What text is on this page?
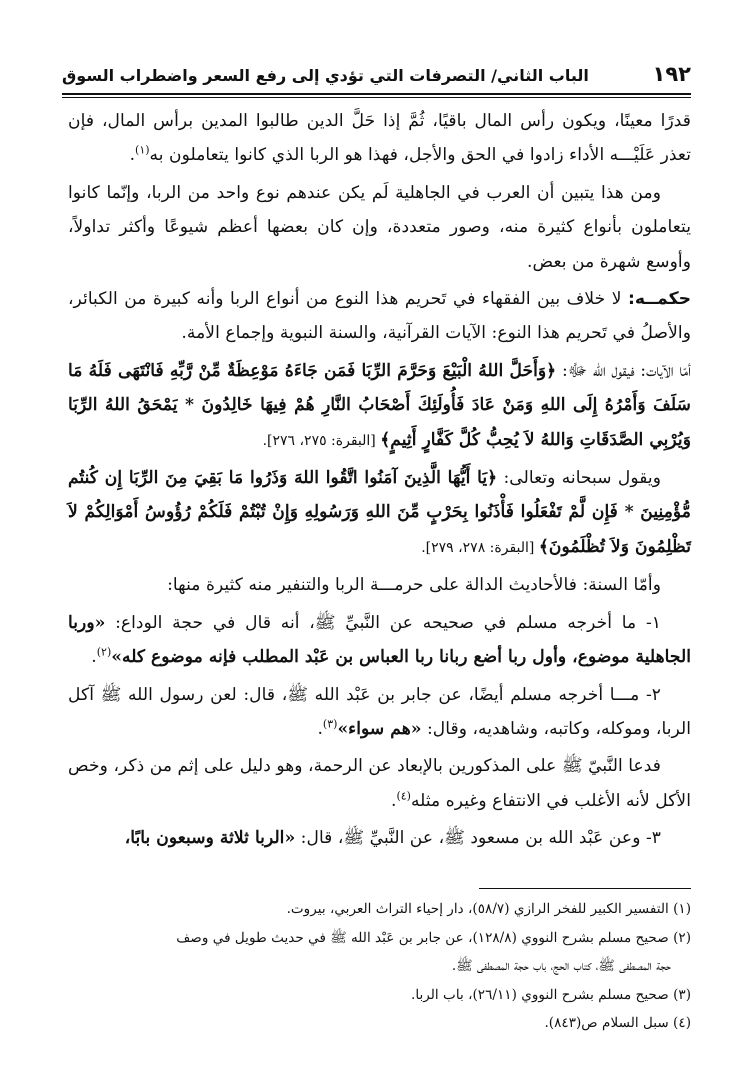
١٩٢
الباب الثاني/ التصرفات التي تؤدي إلى رفع السعر واضطراب السوق

قدرًا معينًا، ويكون رأس المال باقيًا، ثُمَّ إذا حَلَّ الدين طالبوا المدين برأس المال، فإن تعذر عَلَيْـــه الأداء زادوا في الحق والأجل، فهذا هو الربا الذي كانوا يتعاملون به$^{(١)}$.

ومن هذا يتبين أن العرب في الجاهلية لَم يكن عندهم نوع واحد من الربا، وإنّما كانوا يتعاملون بأنواع كثيرة منه، وصور متعددة، وإن كان بعضها أعظم شيوعًا وأكثر تداولاً، وأوسع شهرة من بعض.

حكمــه: لا خلاف بين الفقهاء في تَحريم هذا النوع من أنواع الربا وأنه كبيرة من الكبائر، والأصلُ في تَحريم هذا النوع: الآيات القرآنية، والسنة النبوية وإجماع الأمة.

أمّا الآيات: فيقول الله ﷻ: ﴿وَأَحَلَّ اللهُ الْبَيْعَ وَحَرَّمَ الرِّبَا فَمَن جَاءَهُ مَوْعِظَةٌ مِّنْ رَّبِّهِ فَانْتَهَى فَلَهُ مَا سَلَفَ وَأَمْرُهُ إِلَى اللهِ وَمَنْ عَادَ فَأُولَئِكَ أَصْحَابُ النَّارِ هُمْ فِيهَا خَالِدُونَ * يَمْحَقُ اللهُ الرِّبَا وَيُرْبِي الصَّدَقَاتِ وَاللهُ لاَ يُحِبُّ كُلَّ كَفَّارٍ أَثِيمٍ﴾ [البقرة: ٢٧٥، ٢٧٦].

ويقول سبحانه وتعالى: ﴿يَا أَيُّهَا الَّذِينَ آمَنُوا اتَّقُوا اللهَ وَذَرُوا مَا بَقِيَ مِنَ الرِّبَا إِن كُنتُم مُّؤْمِنِينَ * فَإِن لَّمْ تَفْعَلُوا فَأْذَنُوا بِحَرْبٍ مِّنَ اللهِ وَرَسُولِهِ وَإِنْ تُبْتُمْ فَلَكُمْ رُؤُوسُ أَمْوَالِكُمْ لاَ تَظْلِمُونَ وَلاَ تُظْلَمُونَ﴾ [البقرة: ٢٧٨، ٢٧٩].

وأمّا السنة: فالأحاديث الدالة على حرمـــة الربا والتنفير منه كثيرة منها:

١- ما أخرجه مسلم في صحيحه عن النَّبيِّ ﷺ، أنه قال في حجة الوداع: «وربا الجاهلية موضوع، وأول ربا أضع ربانا ربا العباس بن عَبْد المطلب فإنه موضوع كله»$^{(٢)}$.

٢- مـــا أخرجه مسلم أيضًا، عن جابر بن عَبْد الله ﷺ، قال: لعن رسول الله ﷺ آكل الربا، وموكله، وكاتبه، وشاهديه، وقال: «هم سواء»$^{(٣)}$.

فدعا النَّبيّ ﷺ على المذكورين بالإبعاد عن الرحمة، وهو دليل على إثم من ذكر، وخص الأكل لأنه الأغلب في الانتفاع وغيره مثله$^{(٤)}$.

٣- وعن عَبْد الله بن مسعود ﷺ، عن النَّبيِّ ﷺ، قال: «الربا ثلاثة وسبعون بابًا،

(١) التفسير الكبير للفخر الرازي (٥٨/٧)، دار إحياء التراث العربي، بيروت.

(٢) صحيح مسلم بشرح النووي (١٢٨/٨)، عن جابر بن عَبْد الله ﷺ في حديث طويل في وصف

حجة المصطفى ﷺ، كتاب الحج، باب حجة المصطفى ﷺ.

(٣) صحيح مسلم بشرح النووي (٢٦/١١)، باب الربا.

(٤) سبل السلام ص(٨٤٣).
